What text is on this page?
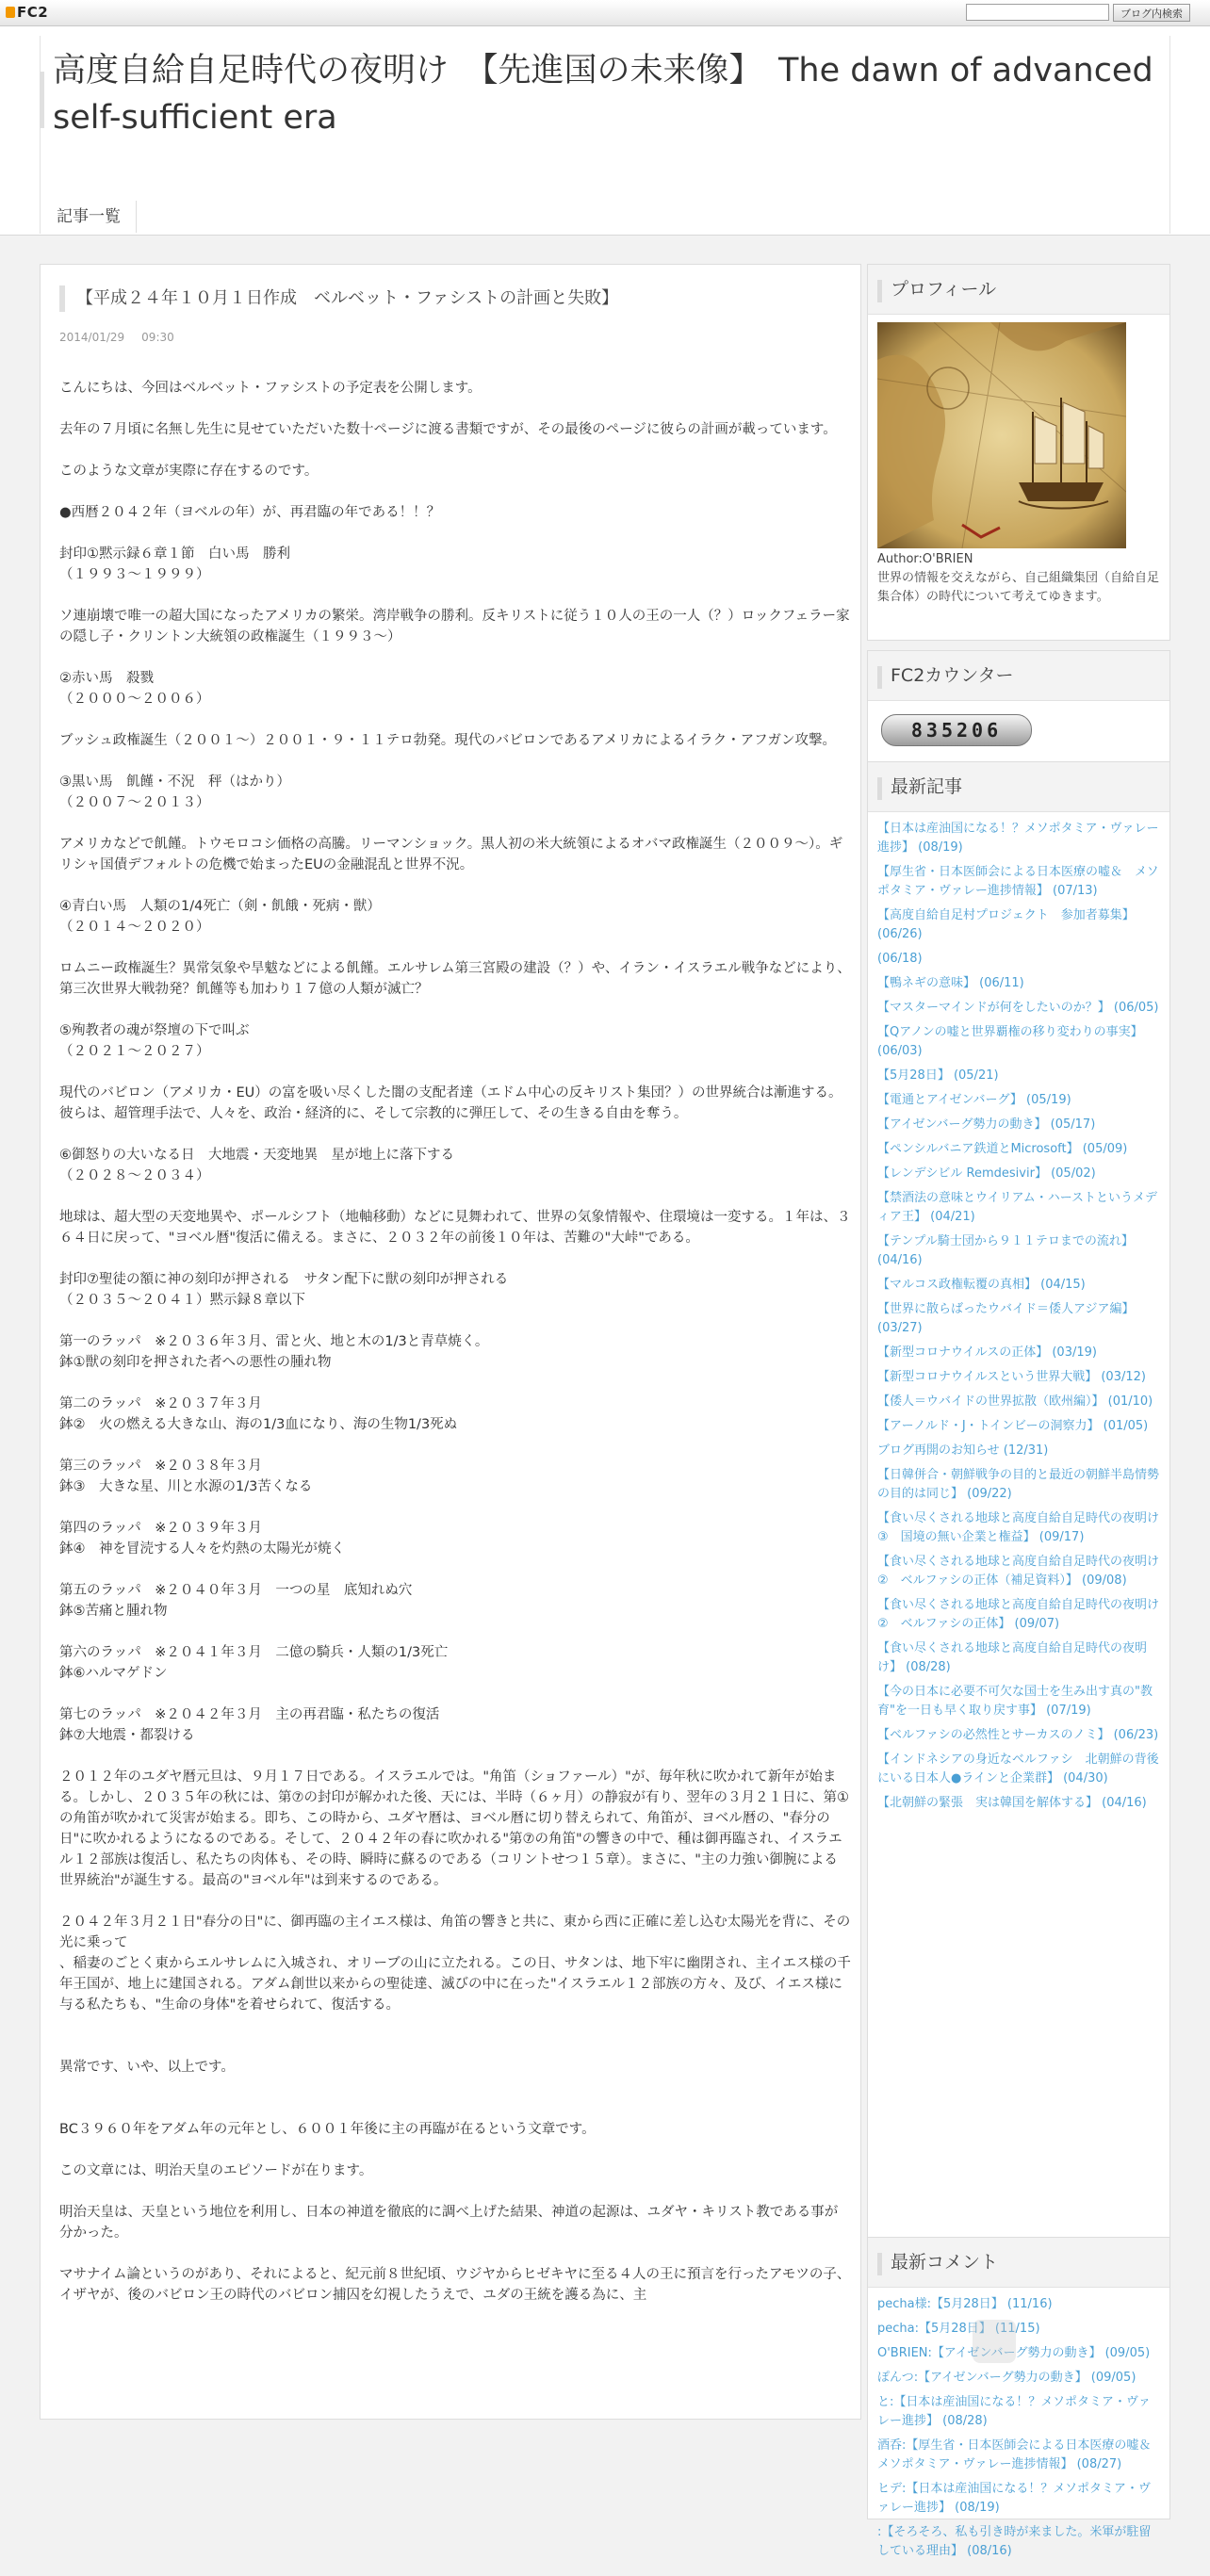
FC2	ブログ内検索
高度自給自足時代の夜明け　【先進国の未来像】　The dawn of advanced self-sufficient era
記事一覧
【平成２４年１０月１日作成　ベルベット・ファシストの計画と失敗】
2014/01/29 09:30

こんにちは、今回はベルベット・ファシストの予定表を公開します。

去年の７月頃に名無し先生に見せていただいた数十ページに渡る書類ですが、その最後のページに彼らの計画が載っています。

このような文章が実際に存在するのです。

●西暦２０４２年（ヨベルの年）が、再君臨の年である！！？

封印①黙示録６章１節　白い馬　勝利
（１９９３〜１９９９）

ソ連崩壊で唯一の超大国になったアメリカの繁栄。湾岸戦争の勝利。反キリストに従う１０人の王の一人（？）ロックフェラー家の隠し子・クリントン大統領の政権誕生（１９９３〜）

②赤い馬　殺戮
（２０００〜２００６）

ブッシュ政権誕生（２００１〜）２００１・９・１１テロ勃発。現代のバビロンであるアメリカによるイラク・アフガン攻撃。

③黒い馬　飢饉・不況　秤（はかり）
（２００７〜２０１３）

アメリカなどで飢饉。トウモロコシ価格の高騰。リーマンショック。黒人初の米大統領によるオバマ政権誕生（２００９〜）。ギリシャ国債デフォルトの危機で始まったEUの金融混乱と世界不況。

④青白い馬　人類の1/4死亡（剣・飢餓・死病・獣）
（２０１４〜２０２０）

ロムニー政権誕生？異常気象や旱魃などによる飢饉。エルサレム第三宮殿の建設（？）や、イラン・イスラエル戦争などにより、第三次世界大戦勃発？飢饉等も加わり１７億の人類が滅亡？

⑤殉教者の魂が祭壇の下で叫ぶ
（２０２１〜２０２７）

現代のバビロン（アメリカ・EU）の富を吸い尽くした闇の支配者達（エドム中心の反キリスト集団？）の世界統合は漸進する。彼らは、超管理手法で、人々を、政治・経済的に、そして宗教的に弾圧して、その生きる自由を奪う。

⑥御怒りの大いなる日　大地震・天変地異　星が地上に落下する
（２０２８〜２０３４）

地球は、超大型の天変地異や、ポールシフト（地軸移動）などに見舞われて、世界の気象情報や、住環境は一変する。１年は、３６４日に戻って、"ヨベル暦"復活に備える。まさに、２０３２年の前後１０年は、苦難の"大峠"である。

封印⑦聖徒の額に神の刻印が押される　サタン配下に獣の刻印が押される
（２０３５〜２０４１）黙示録８章以下

第一のラッパ　※２０３６年３月、雷と火、地と木の1/3と青草焼く。
鉢①獣の刻印を押された者への悪性の腫れ物

第二のラッパ　※２０３７年３月
鉢②　火の燃える大きな山、海の1/3血になり、海の生物1/3死ぬ

第三のラッパ　※２０３８年３月
鉢③　大きな星、川と水源の1/3苦くなる

第四のラッパ　※２０３９年３月
鉢④　神を冒涜する人々を灼熱の太陽光が焼く

第五のラッパ　※２０４０年３月　一つの星　底知れぬ穴
鉢⑤苦痛と腫れ物

第六のラッパ　※２０４１年３月　二億の騎兵・人類の1/3死亡
鉢⑥ハルマゲドン

第七のラッパ　※２０４２年３月　主の再君臨・私たちの復活
鉢⑦大地震・都裂ける

２０１２年のユダヤ暦元旦は、９月１７日である。イスラエルでは。"角笛（ショファール）"が、毎年秋に吹かれて新年が始まる。しかし、２０３５年の秋には、第⑦の封印が解かれた後、天には、半時（６ヶ月）の静寂が有り、翌年の３月２１日に、第①の角笛が吹かれて災害が始まる。即ち、この時から、ユダヤ暦は、ヨベル暦に切り替えられて、角笛が、ヨベル暦の、"春分の日"に吹かれるようになるのである。そして、２０４２年の春に吹かれる"第⑦の角笛"の響きの中で、種は御再臨され、イスラエル１２部族は復活し、私たちの肉体も、その時、瞬時に蘇るのである（コリントせつ１５章）。まさに、"主の力強い御腕による世界統治"が誕生する。最高の"ヨベル年"は到来するのである。

２０４２年３月２１日"春分の日"に、御再臨の主イエス様は、角笛の響きと共に、東から西に正確に差し込む太陽光を背に、その光に乗って
、稲妻のごとく東からエルサレムに入城され、オリーブの山に立たれる。この日、サタンは、地下牢に幽閉され、主イエス様の千年王国が、地上に建国される。アダム創世以来からの聖徒達、滅びの中に在った"イスラエル１２部族の方々、及び、イエス様に与る私たちも、"生命の身体"を着せられて、復活する。

異常です、いや、以上です。

BC３９６０年をアダム年の元年とし、６００１年後に主の再臨が在るという文章です。

この文章には、明治天皇のエピソードが在ります。

明治天皇は、天皇という地位を利用し、日本の神道を徹底的に調べ上げた結果、神道の起源は、ユダヤ・キリスト教である事が分かった。

マサナイム論というのがあり、それによると、紀元前８世紀頃、ウジヤからヒゼキヤに至る４人の王に預言を行ったアモツの子、イザヤが、後のバビロン王の時代のバビロン捕囚を幻視したうえで、ユダの王統を護る為に、主

プロフィール
Author:O'BRIEN
世界の情報を交えながら、自己組織集団（自給自足集合体）の時代について考えてゆきます。
FC2カウンター
835206
最新記事
【日本は産油国になる！？メソポタミア・ヴァレー進捗】 (08/19)
【厚生省・日本医師会による日本医療の嘘＆　メソポタミア・ヴァレー進捗情報】 (07/13)
【高度自給自足村プロジェクト　参加者募集】 (06/26)
(06/18)
【鴨ネギの意味】 (06/11)
【マスターマインドが何をしたいのか？】 (06/05)
【Qアノンの嘘と世界覇権の移り変わりの事実】 (06/03)
【5月28日】 (05/21)
【電通とアイゼンバーグ】 (05/19)
【アイゼンバーグ勢力の動き】 (05/17)
【ペンシルバニア鉄道とMicrosoft】 (05/09)
【レンデシビル Remdesivir】 (05/02)
【禁酒法の意味とウイリアム・ハーストというメディア王】 (04/21)
【テンプル騎士団から９１１テロまでの流れ】 (04/16)
【マルコス政権転覆の真相】 (04/15)
【世界に散らばったウバイド＝倭人アジア編】 (03/27)
【新型コロナウイルスの正体】 (03/19)
【新型コロナウイルスという世界大戦】 (03/12)
【倭人＝ウバイドの世界拡散（欧州編）】 (01/10)
【アーノルド・J・トインビーの洞察力】 (01/05)
ブログ再開のお知らせ (12/31)
【日韓併合・朝鮮戦争の目的と最近の朝鮮半島情勢の目的は同じ】 (09/22)
【食い尽くされる地球と高度自給自足時代の夜明け③　国境の無い企業と権益】 (09/17)
【食い尽くされる地球と高度自給自足時代の夜明け②　ベルファシの正体（補足資料）】 (09/08)
【食い尽くされる地球と高度自給自足時代の夜明け②　ベルファシの正体】 (09/07)
【食い尽くされる地球と高度自給自足時代の夜明け】 (08/28)
【今の日本に必要不可欠な国士を生み出す真の"教育"を一日も早く取り戻す事】 (07/19)
【ベルファシの必然性とサーカスのノミ】 (06/23)
【インドネシアの身近なベルファシ　北朝鮮の背後にいる日本人●ラインと企業群】 (04/30)
【北朝鮮の緊張　実は韓国を解体する】 (04/16)
最新コメント
pecha様:【5月28日】 (11/16)
pecha:【5月28日】 (11/15)
O'BRIEN:【アイゼンバーグ勢力の動き】 (09/05)
ぽんつ:【アイゼンバーグ勢力の動き】 (09/05)
と:【日本は産油国になる！？メソポタミア・ヴァレー進捗】 (08/28)
酒呑:【厚生省・日本医師会による日本医療の嘘＆　メソポタミア・ヴァレー進捗情報】 (08/27)
ヒデ:【日本は産油国になる！？メソポタミア・ヴァレー進捗】 (08/19)
:【そろそろ、私も引き時が来ました。米軍が駐留している理由】 (08/16)
